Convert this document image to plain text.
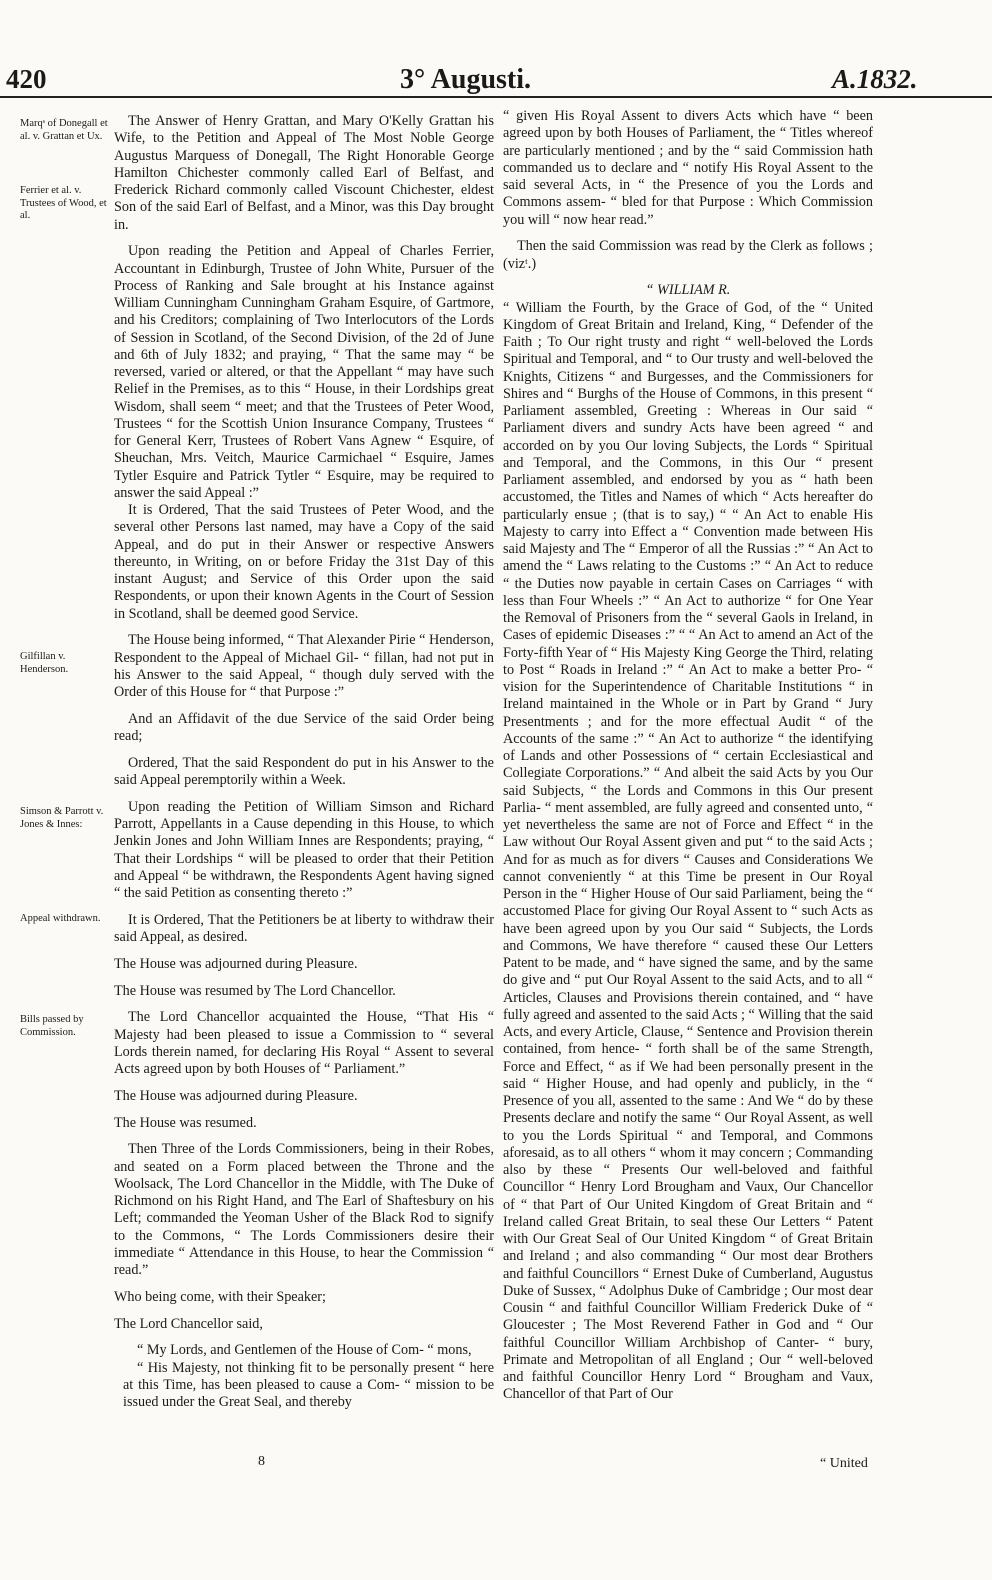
420	3° Augusti.	A.1832.
Marqˢ of Donegall et al. v. Grattan et Ux.
Ferrier et al. v. Trustees of Wood, et al.
Gilfillan v. Henderson.
Simson & Parrott v. Jones & Innes:
Appeal withdrawn.
Bills passed by Commission.

The Answer of Henry Grattan, and Mary O'Kelly Grattan his Wife, to the Petition and Appeal of The Most Noble George Augustus Marquess of Donegall, The Right Honorable George Hamilton Chichester commonly called Earl of Belfast, and Frederick Richard commonly called Viscount Chichester, eldest Son of the said Earl of Belfast, and a Minor, was this Day brought in.

Upon reading the Petition and Appeal of Charles Ferrier, Accountant in Edinburgh, Trustee of John White, Pursuer of the Process of Ranking and Sale brought at his Instance against William Cunningham Cunningham Graham Esquire, of Gartmore, and his Creditors; complaining of Two Interlocutors of the Lords of Session in Scotland, of the Second Division, of the 2d of June and 6th of July 1832; and praying, “ That the same may “ be reversed, varied or altered, or that the Appellant “ may have such Relief in the Premises, as to this “ House, in their Lordships great Wisdom, shall seem “ meet; and that the Trustees of Peter Wood, Trustees “ for the Scottish Union Insurance Company, Trustees “ for General Kerr, Trustees of Robert Vans Agnew “ Esquire, of Sheuchan, Mrs. Veitch, Maurice Carmichael “ Esquire, James Tytler Esquire and Patrick Tytler “ Esquire, may be required to answer the said Appeal :”

It is Ordered, That the said Trustees of Peter Wood, and the several other Persons last named, may have a Copy of the said Appeal, and do put in their Answer or respective Answers thereunto, in Writing, on or before Friday the 31st Day of this instant August; and Service of this Order upon the said Respondents, or upon their known Agents in the Court of Session in Scotland, shall be deemed good Service.

The House being informed, “ That Alexander Pirie “ Henderson, Respondent to the Appeal of Michael Gil- “ fillan, had not put in his Answer to the said Appeal, “ though duly served with the Order of this House for “ that Purpose :”

And an Affidavit of the due Service of the said Order being read;

Ordered, That the said Respondent do put in his Answer to the said Appeal peremptorily within a Week.

Upon reading the Petition of William Simson and Richard Parrott, Appellants in a Cause depending in this House, to which Jenkin Jones and John William Innes are Respondents; praying, “ That their Lordships “ will be pleased to order that their Petition and Appeal “ be withdrawn, the Respondents Agent having signed “ the said Petition as consenting thereto :”

It is Ordered, That the Petitioners be at liberty to withdraw their said Appeal, as desired.

The House was adjourned during Pleasure.

The House was resumed by The Lord Chancellor.

The Lord Chancellor acquainted the House, “That His “ Majesty had been pleased to issue a Commission to “ several Lords therein named, for declaring His Royal “ Assent to several Acts agreed upon by both Houses of “ Parliament.”

The House was adjourned during Pleasure.

The House was resumed.

Then Three of the Lords Commissioners, being in their Robes, and seated on a Form placed between the Throne and the Woolsack, The Lord Chancellor in the Middle, with The Duke of Richmond on his Right Hand, and The Earl of Shaftesbury on his Left; commanded the Yeoman Usher of the Black Rod to signify to the Commons, “ The Lords Commissioners desire their immediate “ Attendance in this House, to hear the Commission “ read.”

Who being come, with their Speaker;

The Lord Chancellor said,

“ My Lords, and Gentlemen of the House of Com- “ mons,

“ His Majesty, not thinking fit to be personally present “ here at this Time, has been pleased to cause a Com- “ mission to be issued under the Great Seal, and thereby

“ given His Royal Assent to divers Acts which have “ been agreed upon by both Houses of Parliament, the “ Titles whereof are particularly mentioned ; and by the “ said Commission hath commanded us to declare and “ notify His Royal Assent to the said several Acts, in “ the Presence of you the Lords and Commons assem- “ bled for that Purpose : Which Commission you will “ now hear read.”

Then the said Commission was read by the Clerk as follows ; (vizᵗ.)

“ WILLIAM R.

“ William the Fourth, by the Grace of God, of the “ United Kingdom of Great Britain and Ireland, King, “ Defender of the Faith ; To Our right trusty and right “ well-beloved the Lords Spiritual and Temporal, and “ to Our trusty and well-beloved the Knights, Citizens “ and Burgesses, and the Commissioners for Shires and “ Burghs of the House of Commons, in this present “ Parliament assembled, Greeting : Whereas in Our said “ Parliament divers and sundry Acts have been agreed “ and accorded on by you Our loving Subjects, the Lords “ Spiritual and Temporal, and the Commons, in this Our “ present Parliament assembled, and endorsed by you as “ hath been accustomed, the Titles and Names of which “ Acts hereafter do particularly ensue ; (that is to say,) “ “ An Act to enable His Majesty to carry into Effect a “ Convention made between His said Majesty and The “ Emperor of all the Russias :” “ An Act to amend the “ Laws relating to the Customs :” “ An Act to reduce “ the Duties now payable in certain Cases on Carriages “ with less than Four Wheels :” “ An Act to authorize “ for One Year the Removal of Prisoners from the “ several Gaols in Ireland, in Cases of epidemic Diseases :” “ “ An Act to amend an Act of the Forty-fifth Year of “ His Majesty King George the Third, relating to Post “ Roads in Ireland :” “ An Act to make a better Pro- “ vision for the Superintendence of Charitable Institutions “ in Ireland maintained in the Whole or in Part by Grand “ Jury Presentments ; and for the more effectual Audit “ of the Accounts of the same :” “ An Act to authorize “ the identifying of Lands and other Possessions of “ certain Ecclesiastical and Collegiate Corporations.” “ And albeit the said Acts by you Our said Subjects, “ the Lords and Commons in this Our present Parlia- “ ment assembled, are fully agreed and consented unto, “ yet nevertheless the same are not of Force and Effect “ in the Law without Our Royal Assent given and put “ to the said Acts ; And for as much as for divers “ Causes and Considerations We cannot conveniently “ at this Time be present in Our Royal Person in the “ Higher House of Our said Parliament, being the “ accustomed Place for giving Our Royal Assent to “ such Acts as have been agreed upon by you Our said “ Subjects, the Lords and Commons, We have therefore “ caused these Our Letters Patent to be made, and “ have signed the same, and by the same do give and “ put Our Royal Assent to the said Acts, and to all “ Articles, Clauses and Provisions therein contained, and “ have fully agreed and assented to the said Acts ; “ Willing that the said Acts, and every Article, Clause, “ Sentence and Provision therein contained, from hence- “ forth shall be of the same Strength, Force and Effect, “ as if We had been personally present in the said “ Higher House, and had openly and publicly, in the “ Presence of you all, assented to the same : And We “ do by these Presents declare and notify the same “ Our Royal Assent, as well to you the Lords Spiritual “ and Temporal, and Commons aforesaid, as to all others “ whom it may concern ; Commanding also by these “ Presents Our well-beloved and faithful Councillor “ Henry Lord Brougham and Vaux, Our Chancellor of “ that Part of Our United Kingdom of Great Britain and “ Ireland called Great Britain, to seal these Our Letters “ Patent with Our Great Seal of Our United Kingdom “ of Great Britain and Ireland ; and also commanding “ Our most dear Brothers and faithful Councillors “ Ernest Duke of Cumberland, Augustus Duke of Sussex, “ Adolphus Duke of Cambridge ; Our most dear Cousin “ and faithful Councillor William Frederick Duke of “ Gloucester ; The Most Reverend Father in God and “ Our faithful Councillor William Archbishop of Canter- “ bury, Primate and Metropolitan of all England ; Our “ well-beloved and faithful Councillor Henry Lord “ Brougham and Vaux, Chancellor of that Part of Our

8	“ United
